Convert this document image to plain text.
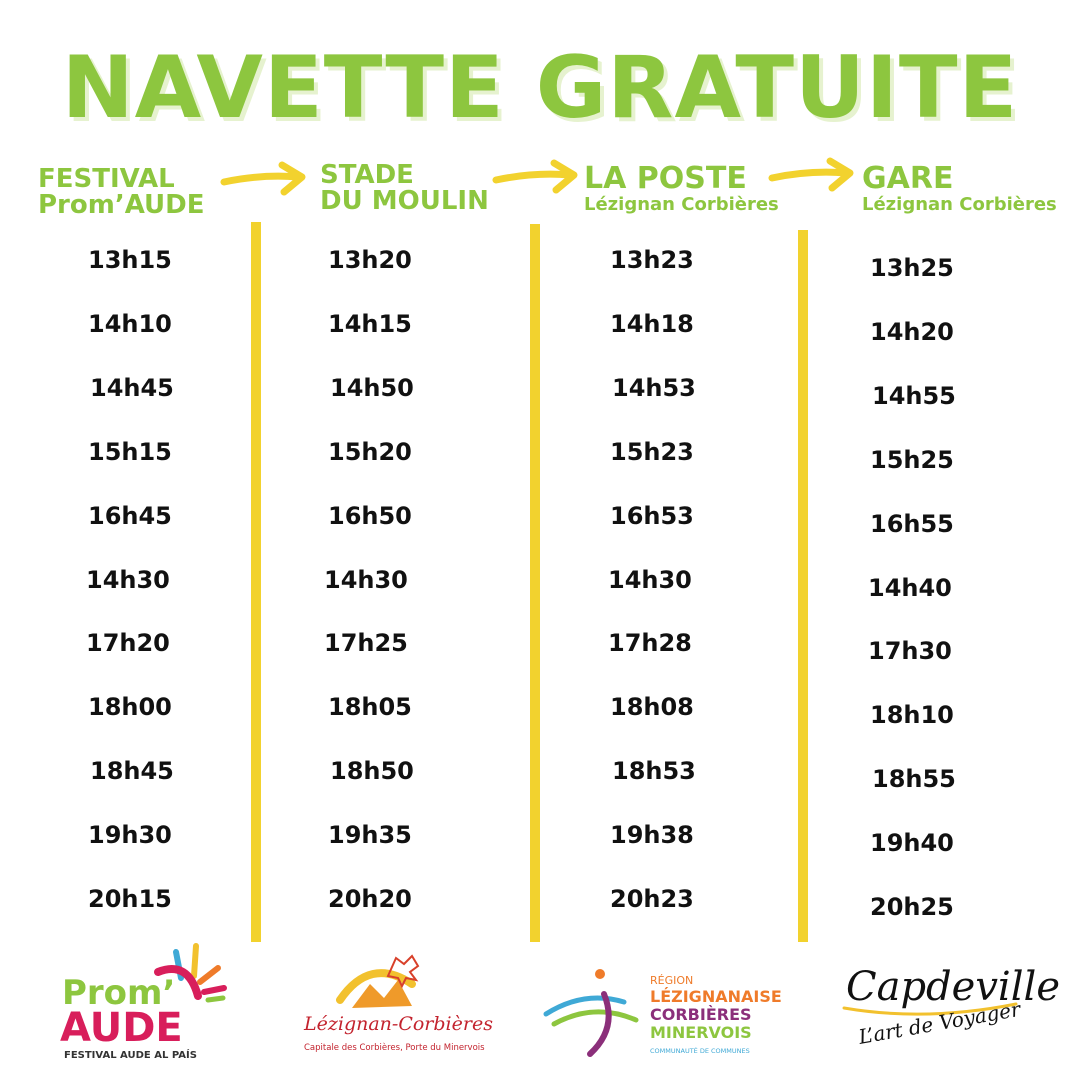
NAVETTE GRATUITE
FESTIVAL
Prom’AUDE
STADE
DU MOULIN
LA POSTE
Lézignan Corbières
GARE
Lézignan Corbières
13h15
14h10
14h45
15h15
16h45
14h30
17h20
18h00
18h45
19h30
20h15
13h20
14h15
14h50
15h20
16h50
14h30
17h25
18h05
18h50
19h35
20h20
13h23
14h18
14h53
15h23
16h53
14h30
17h28
18h08
18h53
19h38
20h23
13h25
14h20
14h55
15h25
16h55
14h40
17h30
18h10
18h55
19h40
20h25
Prom’
AUDE
FESTIVAL AUDE AL PAÍS
Lézignan-Corbières
Capitale des Corbières, Porte du Minervois
RÉGION
LÉZIGNANAISE
CORBIÈRES
MINERVOIS
COMMUNAUTÉ DE COMMUNES
Capdeville
L’art de Voyager
